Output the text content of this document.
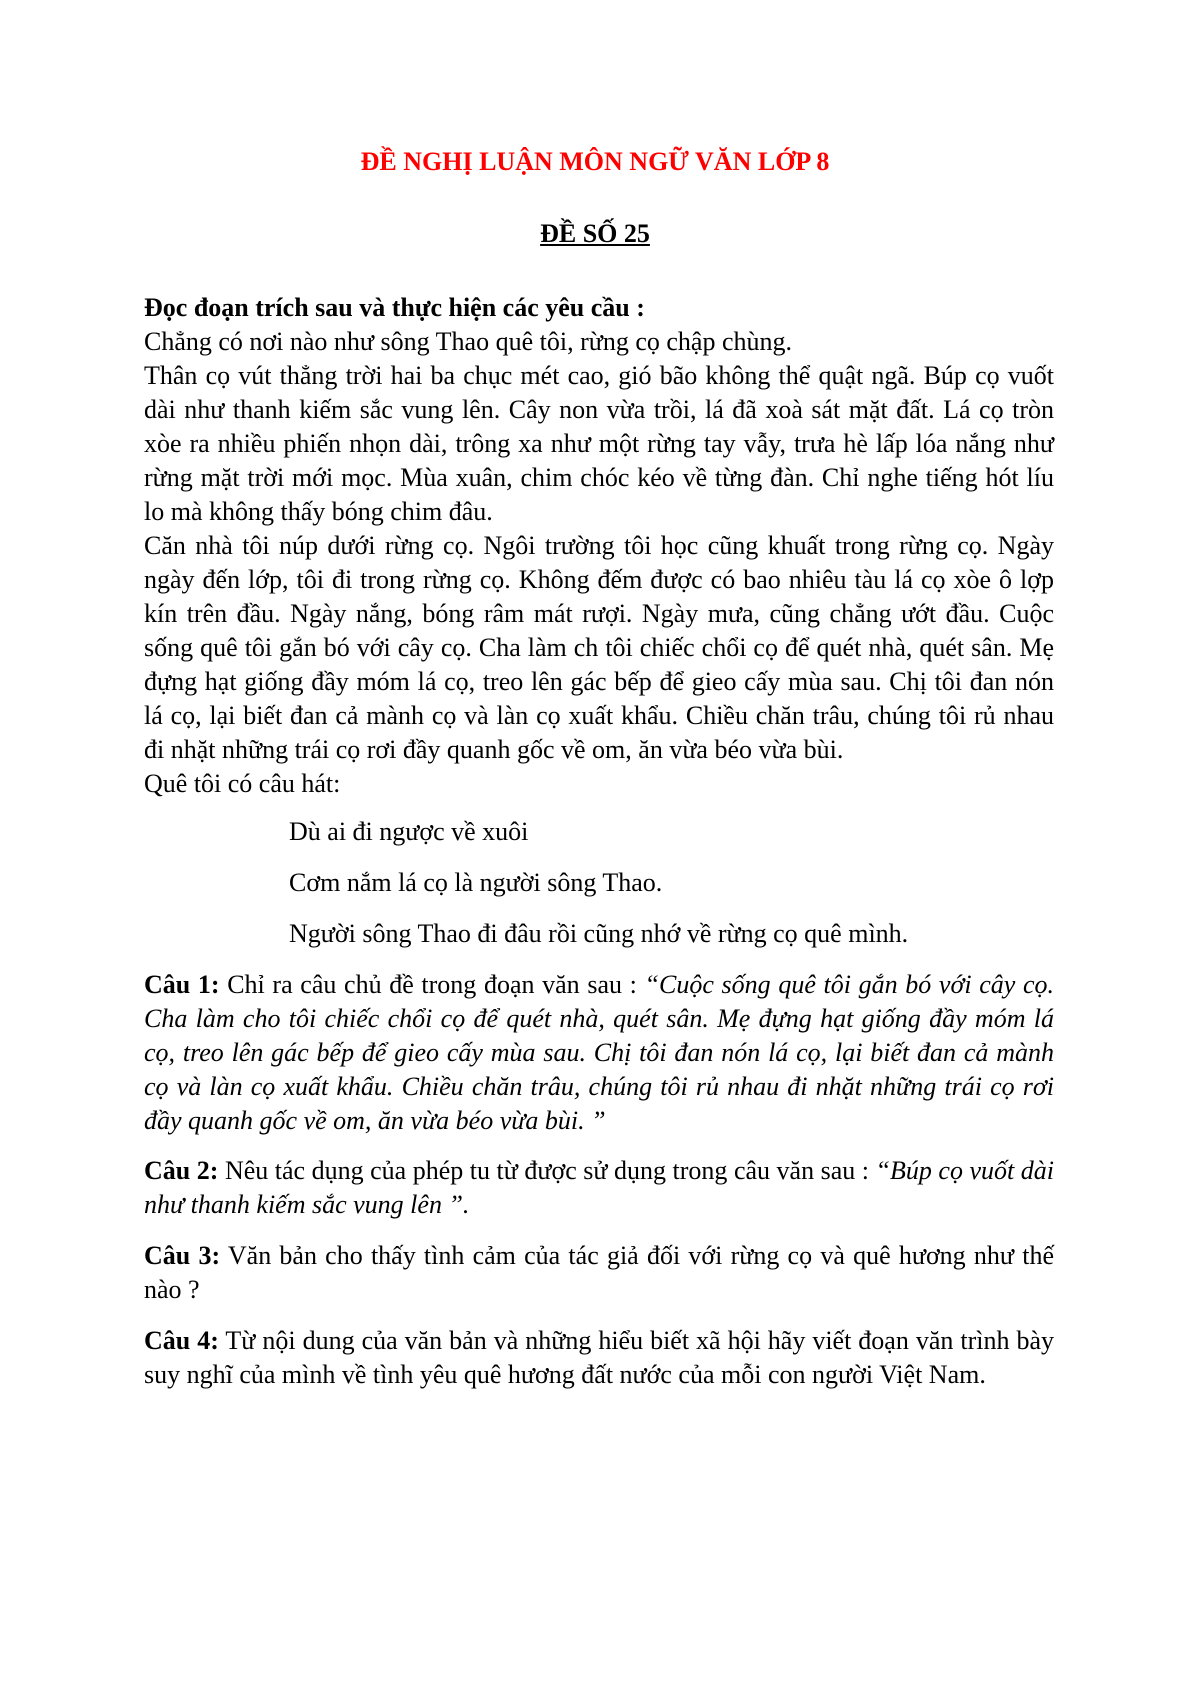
ĐỀ NGHỊ LUẬN MÔN NGỮ VĂN LỚP 8
ĐỀ SỐ 25

Đọc đoạn trích sau và thực hiện các yêu cầu :

Chẳng có nơi nào như sông Thao quê tôi, rừng cọ chập chùng.

Thân cọ vút thẳng trời hai ba chục mét cao, gió bão không thể quật ngã. Búp cọ vuốt dài như thanh kiếm sắc vung lên. Cây non vừa trồi, lá đã xoà sát mặt đất. Lá cọ tròn xòe ra nhiều phiến nhọn dài, trông xa như một rừng tay vẫy, trưa hè lấp lóa nắng như rừng mặt trời mới mọc. Mùa xuân, chim chóc kéo về từng đàn. Chỉ nghe tiếng hót líu lo mà không thấy bóng chim đâu.

Căn nhà tôi núp dưới rừng cọ. Ngôi trường tôi học cũng khuất trong rừng cọ. Ngày ngày đến lớp, tôi đi trong rừng cọ. Không đếm được có bao nhiêu tàu lá cọ xòe ô lợp kín trên đầu. Ngày nắng, bóng râm mát rượi. Ngày mưa, cũng chẳng ướt đầu. Cuộc sống quê tôi gắn bó với cây cọ. Cha làm ch tôi chiếc chổi cọ để quét nhà, quét sân. Mẹ đựng hạt giống đầy móm lá cọ, treo lên gác bếp để gieo cấy mùa sau. Chị tôi đan nón lá cọ, lại biết đan cả mành cọ và làn cọ xuất khẩu. Chiều chăn trâu, chúng tôi rủ nhau đi nhặt những trái cọ rơi đầy quanh gốc về om, ăn vừa béo vừa bùi.

Quê tôi có câu hát:

Dù ai đi ngược về xuôi

Cơm nắm lá cọ là người sông Thao.

Người sông Thao đi đâu rồi cũng nhớ về rừng cọ quê mình.

Câu 1: Chỉ ra câu chủ đề trong đoạn văn sau : “Cuộc sống quê tôi gắn bó với cây cọ. Cha làm cho tôi chiếc chổi cọ để quét nhà, quét sân. Mẹ đựng hạt giống đầy móm lá cọ, treo lên gác bếp để gieo cấy mùa sau. Chị tôi đan nón lá cọ, lại biết đan cả mành cọ và làn cọ xuất khẩu. Chiều chăn trâu, chúng tôi rủ nhau đi nhặt những trái cọ rơi đầy quanh gốc về om, ăn vừa béo vừa bùi. ”

Câu 2: Nêu tác dụng của phép tu từ được sử dụng trong câu văn sau : “Búp cọ vuốt dài như thanh kiếm sắc vung lên ”.

Câu 3: Văn bản cho thấy tình cảm của tác giả đối với rừng cọ và quê hương như thế nào ?

Câu 4: Từ nội dung của văn bản và những hiểu biết xã hội hãy viết đoạn văn trình bày suy nghĩ của mình về tình yêu quê hương đất nước của mỗi con người Việt Nam.
